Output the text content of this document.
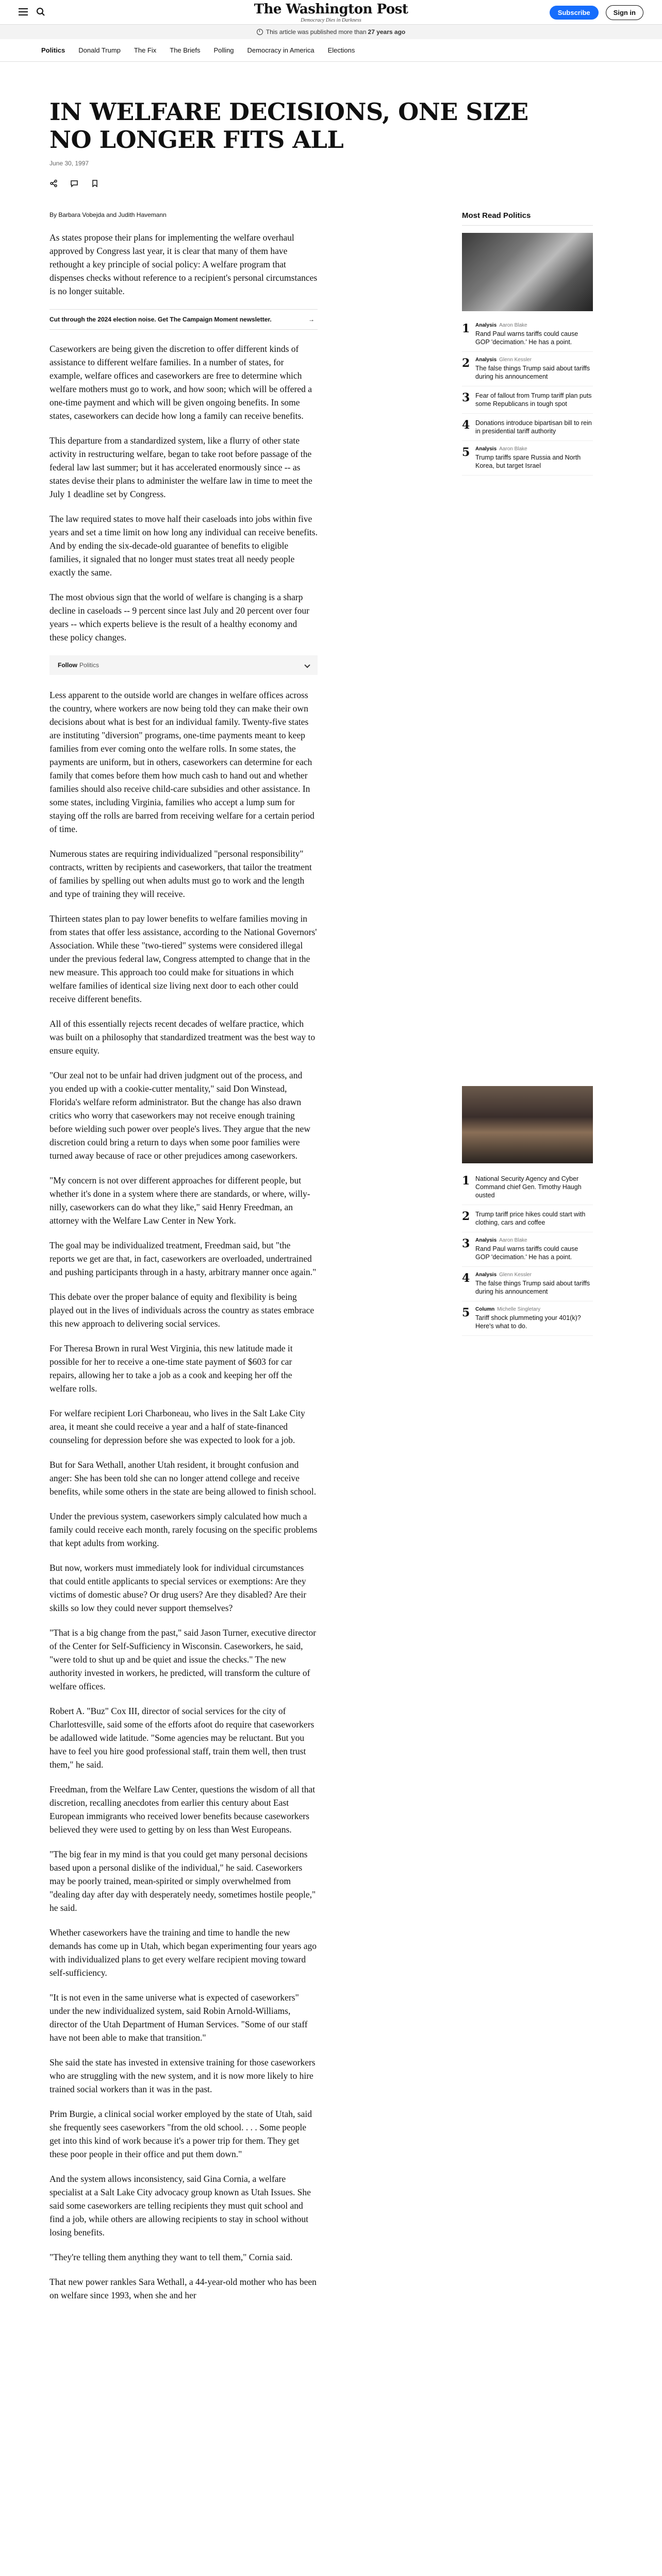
The Washington Post
Democracy Dies in Darkness
Subscribe	Sign in
This article was published more than 27 years ago
Politics Donald Trump The Fix The Briefs Polling Democracy in America Elections
IN WELFARE DECISIONS, ONE SIZE NO LONGER FITS ALL
June 30, 1997
By Barbara Vobejda and Judith Havemann

As states propose their plans for implementing the welfare overhaul approved by Congress last year, it is clear that many of them have rethought a key principle of social policy: A welfare program that dispenses checks without reference to a recipient's personal circumstances is no longer suitable.

Cut through the 2024 election noise. Get The Campaign Moment newsletter.	→

Caseworkers are being given the discretion to offer different kinds of assistance to different welfare families. In a number of states, for example, welfare offices and caseworkers are free to determine which welfare mothers must go to work, and how soon; which will be offered a one-time payment and which will be given ongoing benefits. In some states, caseworkers can decide how long a family can receive benefits.

This departure from a standardized system, like a flurry of other state activity in restructuring welfare, began to take root before passage of the federal law last summer; but it has accelerated enormously since -- as states devise their plans to administer the welfare law in time to meet the July 1 deadline set by Congress.

The law required states to move half their caseloads into jobs within five years and set a time limit on how long any individual can receive benefits. And by ending the six-decade-old guarantee of benefits to eligible families, it signaled that no longer must states treat all needy people exactly the same.

The most obvious sign that the world of welfare is changing is a sharp decline in caseloads -- 9 percent since last July and 20 percent over four years -- which experts believe is the result of a healthy economy and these policy changes.

Follow Politics

Less apparent to the outside world are changes in welfare offices across the country, where workers are now being told they can make their own decisions about what is best for an individual family. Twenty-five states are instituting "diversion" programs, one-time payments meant to keep families from ever coming onto the welfare rolls. In some states, the payments are uniform, but in others, caseworkers can determine for each family that comes before them how much cash to hand out and whether families should also receive child-care subsidies and other assistance. In some states, including Virginia, families who accept a lump sum for staying off the rolls are barred from receiving welfare for a certain period of time.

Numerous states are requiring individualized "personal responsibility" contracts, written by recipients and caseworkers, that tailor the treatment of families by spelling out when adults must go to work and the length and type of training they will receive.

Thirteen states plan to pay lower benefits to welfare families moving in from states that offer less assistance, according to the National Governors' Association. While these "two-tiered" systems were considered illegal under the previous federal law, Congress attempted to change that in the new measure. This approach too could make for situations in which welfare families of identical size living next door to each other could receive different benefits.

All of this essentially rejects recent decades of welfare practice, which was built on a philosophy that standardized treatment was the best way to ensure equity.

"Our zeal not to be unfair had driven judgment out of the process, and you ended up with a cookie-cutter mentality," said Don Winstead, Florida's welfare reform administrator. But the change has also drawn critics who worry that caseworkers may not receive enough training before wielding such power over people's lives. They argue that the new discretion could bring a return to days when some poor families were turned away because of race or other prejudices among caseworkers.

"My concern is not over different approaches for different people, but whether it's done in a system where there are standards, or where, willy-nilly, caseworkers can do what they like," said Henry Freedman, an attorney with the Welfare Law Center in New York.

The goal may be individualized treatment, Freedman said, but "the reports we get are that, in fact, caseworkers are overloaded, undertrained and pushing participants through in a hasty, arbitrary manner once again."

This debate over the proper balance of equity and flexibility is being played out in the lives of individuals across the country as states embrace this new approach to delivering social services.

For Theresa Brown in rural West Virginia, this new latitude made it possible for her to receive a one-time state payment of $603 for car repairs, allowing her to take a job as a cook and keeping her off the welfare rolls.

For welfare recipient Lori Charboneau, who lives in the Salt Lake City area, it meant she could receive a year and a half of state-financed counseling for depression before she was expected to look for a job.

But for Sara Wethall, another Utah resident, it brought confusion and anger: She has been told she can no longer attend college and receive benefits, while some others in the state are being allowed to finish school.

Under the previous system, caseworkers simply calculated how much a family could receive each month, rarely focusing on the specific problems that kept adults from working.

But now, workers must immediately look for individual circumstances that could entitle applicants to special services or exemptions: Are they victims of domestic abuse? Or drug users? Are they disabled? Are their skills so low they could never support themselves?

"That is a big change from the past," said Jason Turner, executive director of the Center for Self-Sufficiency in Wisconsin. Caseworkers, he said, "were told to shut up and be quiet and issue the checks." The new authority invested in workers, he predicted, will transform the culture of welfare offices.

Robert A. "Buz" Cox III, director of social services for the city of Charlottesville, said some of the efforts afoot do require that caseworkers be adallowed wide latitude. "Some agencies may be reluctant. But you have to feel you hire good professional staff, train them well, then trust them," he said.

Freedman, from the Welfare Law Center, questions the wisdom of all that discretion, recalling anecdotes from earlier this century about East European immigrants who received lower benefits because caseworkers believed they were used to getting by on less than West Europeans.

"The big fear in my mind is that you could get many personal decisions based upon a personal dislike of the individual," he said. Caseworkers may be poorly trained, mean-spirited or simply overwhelmed from "dealing day after day with desperately needy, sometimes hostile people," he said.

Whether caseworkers have the training and time to handle the new demands has come up in Utah, which began experimenting four years ago with individualized plans to get every welfare recipient moving toward self-sufficiency.

"It is not even in the same universe what is expected of caseworkers" under the new individualized system, said Robin Arnold-Williams, director of the Utah Department of Human Services. "Some of our staff have not been able to make that transition."

She said the state has invested in extensive training for those caseworkers who are struggling with the new system, and it is now more likely to hire trained social workers than it was in the past.

Prim Burgie, a clinical social worker employed by the state of Utah, said she frequently sees caseworkers "from the old school. . . . Some people get into this kind of work because it's a power trip for them. They get these poor people in their office and put them down."

And the system allows inconsistency, said Gina Cornia, a welfare specialist at a Salt Lake City advocacy group known as Utah Issues. She said some caseworkers are telling recipients they must quit school and find a job, while others are allowing recipients to stay in school without losing benefits.

"They're telling them anything they want to tell them," Cornia said.

That new power rankles Sara Wethall, a 44-year-old mother who has been on welfare since 1993, when she and her

Most Read Politics
1	Analysis Aaron Blake
Rand Paul warns tariffs could cause GOP 'decimation.' He has a point.
2	Analysis Glenn Kessler
The false things Trump said about tariffs during his announcement
3 Fear of fallout from Trump tariff plan puts some Republicans in tough spot
4 Donations introduce bipartisan bill to rein in presidential tariff authority
5	Analysis Aaron Blake
Trump tariffs spare Russia and North Korea, but target Israel
1 National Security Agency and Cyber Command chief Gen. Timothy Haugh ousted
2 Trump tariff price hikes could start with clothing, cars and coffee
3	Analysis Aaron Blake
Rand Paul warns tariffs could cause GOP 'decimation.' He has a point.
4	Analysis Glenn Kessler
The false things Trump said about tariffs during his announcement
5	Column Michelle Singletary
Tariff shock plummeting your 401(k)? Here's what to do.
